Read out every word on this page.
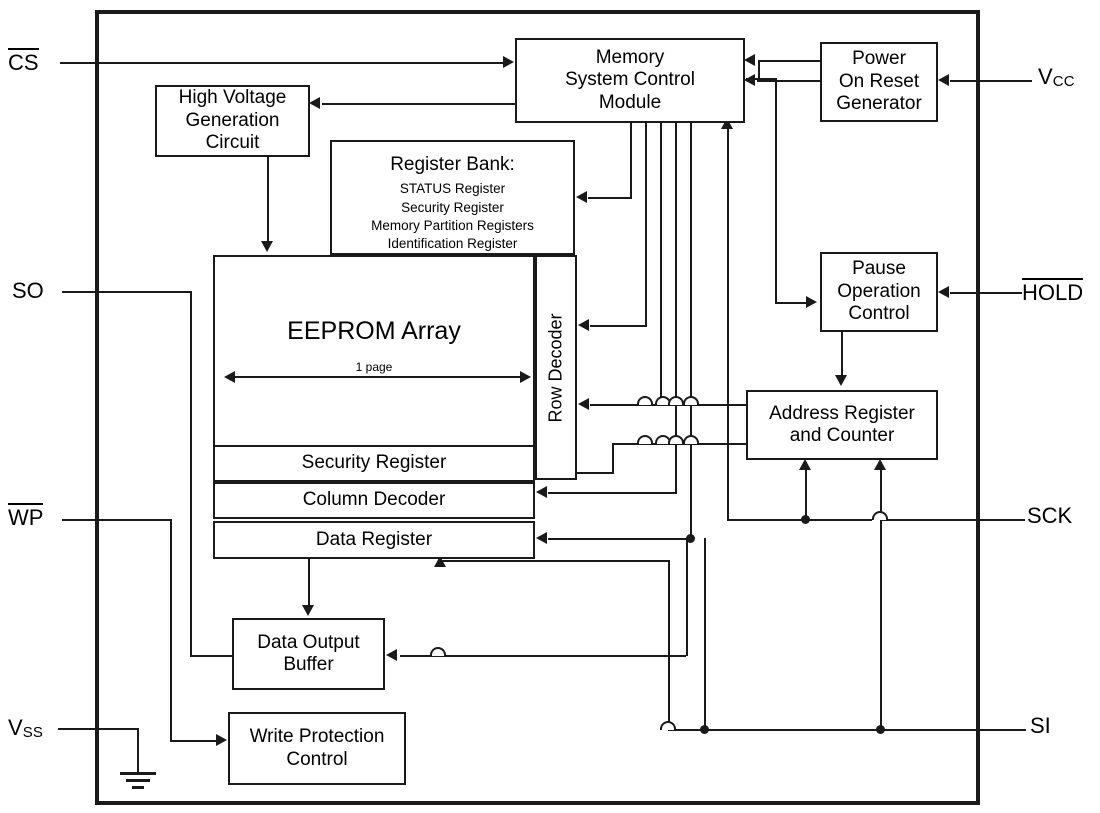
CS
SO
WP
VSS
VCC
HOLD
SCK
SI
Memory
System Control
Module
Power
On Reset
Generator
High Voltage
Generation
Circuit
Register Bank:
STATUS Register
Security Register
Memory Partition Registers
Identification Register
EEPROM Array
1 page	Row Decoder
Security Register
Column Decoder
Data Register
Pause
Operation
Control
Address Register
and Counter
Data Output
Buffer
Write Protection
Control
